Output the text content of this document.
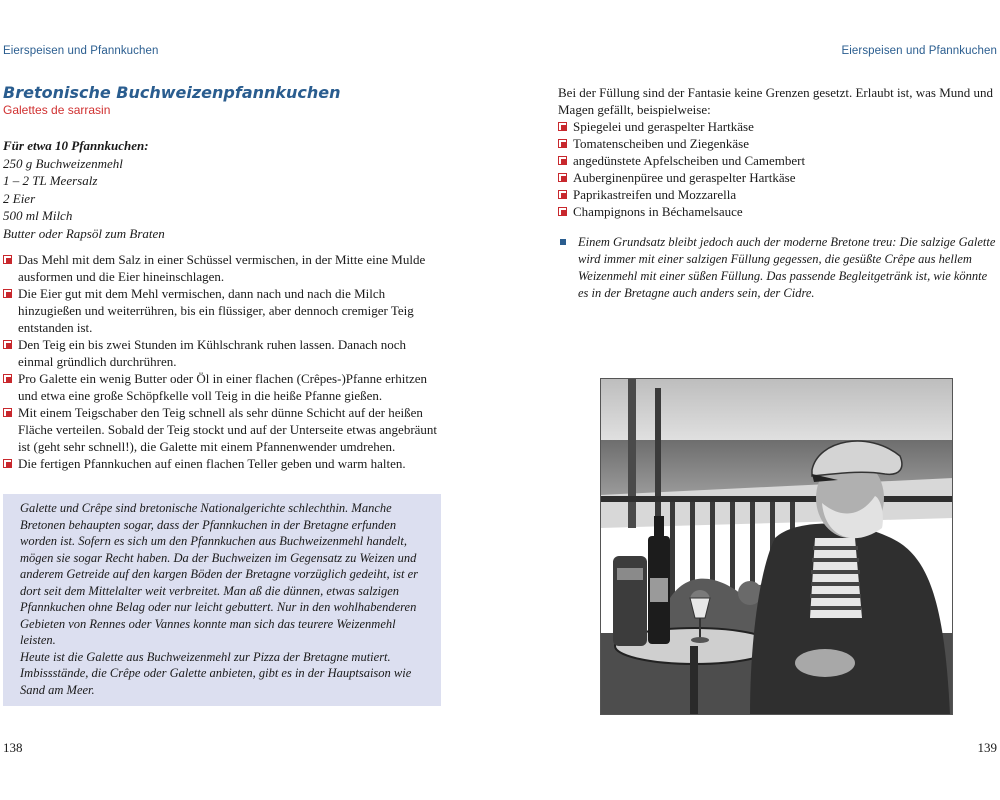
Eierspeisen und Pfannkuchen
Bretonische Buchweizenpfannkuchen
Galettes de sarrasin
Für etwa 10 Pfannkuchen:
250 g Buchweizenmehl
1 – 2 TL Meersalz
2 Eier
500 ml Milch
Butter oder Rapsöl zum Braten
Das Mehl mit dem Salz in einer Schüssel vermischen, in der Mitte eine Mulde ausformen und die Eier hineinschlagen.
Die Eier gut mit dem Mehl vermischen, dann nach und nach die Milch hinzugießen und weiterrühren, bis ein flüssiger, aber dennoch cremiger Teig entstanden ist.
Den Teig ein bis zwei Stunden im Kühlschrank ruhen lassen. Danach noch einmal gründlich durchrühren.
Pro Galette ein wenig Butter oder Öl in einer flachen (Crêpes-)Pfanne erhitzen und etwa eine große Schöpfkelle voll Teig in die heiße Pfanne gießen.
Mit einem Teigschaber den Teig schnell als sehr dünne Schicht auf der heißen Fläche verteilen. Sobald der Teig stockt und auf der Unterseite etwas angebräunt ist (geht sehr schnell!), die Galette mit einem Pfannenwender umdrehen.
Die fertigen Pfannkuchen auf einen flachen Teller geben und warm halten.

Galette und Crêpe sind bretonische Nationalgerichte schlechthin. Manche Bretonen behaupten sogar, dass der Pfannkuchen in der Bretagne erfunden worden ist. Sofern es sich um den Pfannkuchen aus Buchweizenmehl handelt, mögen sie sogar Recht haben. Da der Buchweizen im Gegensatz zu Weizen und anderem Getreide auf den kargen Böden der Bretagne vorzüglich gedeiht, ist er dort seit dem Mittelalter weit verbreitet. Man aß die dünnen, etwas salzigen Pfannkuchen ohne Belag oder nur leicht gebuttert. Nur in den wohlhabenderen Gebieten von Rennes oder Vannes konnte man sich das teurere Weizenmehl leisten.

Heute ist die Galette aus Buchweizenmehl zur Pizza der Bretagne mutiert. Imbissstände, die Crêpe oder Galette anbieten, gibt es in der Hauptsaison wie Sand am Meer.

138
Eierspeisen und Pfannkuchen

Bei der Füllung sind der Fantasie keine Grenzen gesetzt. Erlaubt ist, was Mund und Magen gefällt, beispielweise:

Spiegelei und geraspelter Hartkäse
Tomatenscheiben und Ziegenkäse
angedünstete Apfelscheiben und Camembert
Auberginenpüree und geraspelter Hartkäse
Paprikastreifen und Mozzarella
Champignons in Béchamelsauce

Einem Grundsatz bleibt jedoch auch der moderne Bretone treu: Die salzige Galette wird immer mit einer salzigen Füllung gegessen, die gesüßte Crêpe aus hellem Weizenmehl mit einer süßen Füllung. Das passende Begleitgetränk ist, wie könnte es in der Bretagne auch anders sein, der Cidre.

139
